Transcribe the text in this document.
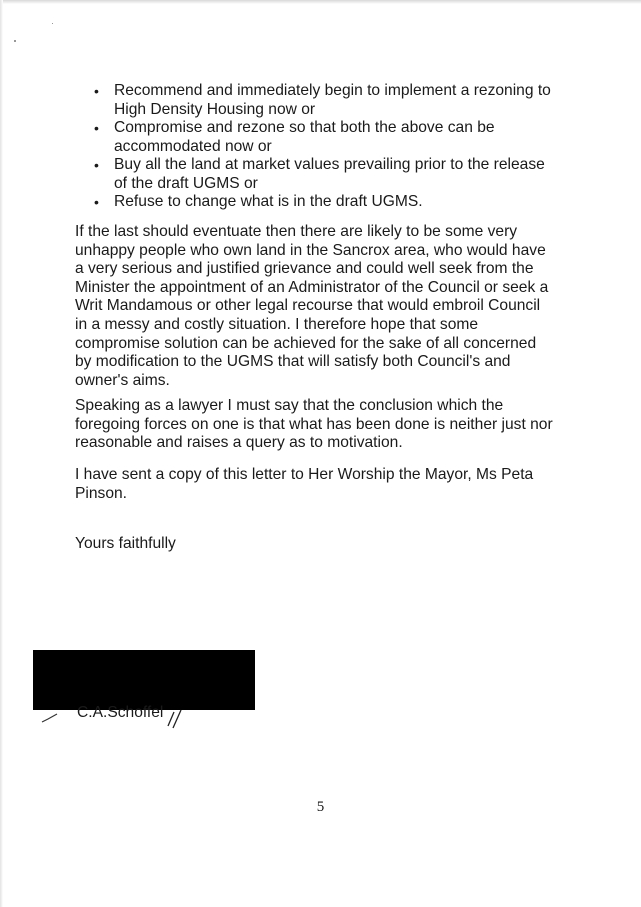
• Recommend and immediately begin to implement a rezoning to High Density Housing now or
• Compromise and rezone so that both the above can be accommodated now or
• Buy all the land at market values prevailing prior to the release of the draft UGMS or
• Refuse to change what is in the draft UGMS.

If the last should eventuate then there are likely to be some very unhappy people who own land in the Sancrox area, who would have a very serious and justified grievance and could well seek from the Minister the appointment of an Administrator of the Council or seek a Writ Mandamous or other legal recourse that would embroil Council in a messy and costly situation. I therefore hope that some compromise solution can be achieved for the sake of all concerned by modification to the UGMS that will satisfy both Council's and owner's aims.

Speaking as a lawyer I must say that the conclusion which the foregoing forces on one is that what has been done is neither just nor reasonable and raises a query as to motivation.

I have sent a copy of this letter to Her Worship the Mayor, Ms Peta Pinson.

Yours faithfully

C.A.Schoffel
5
